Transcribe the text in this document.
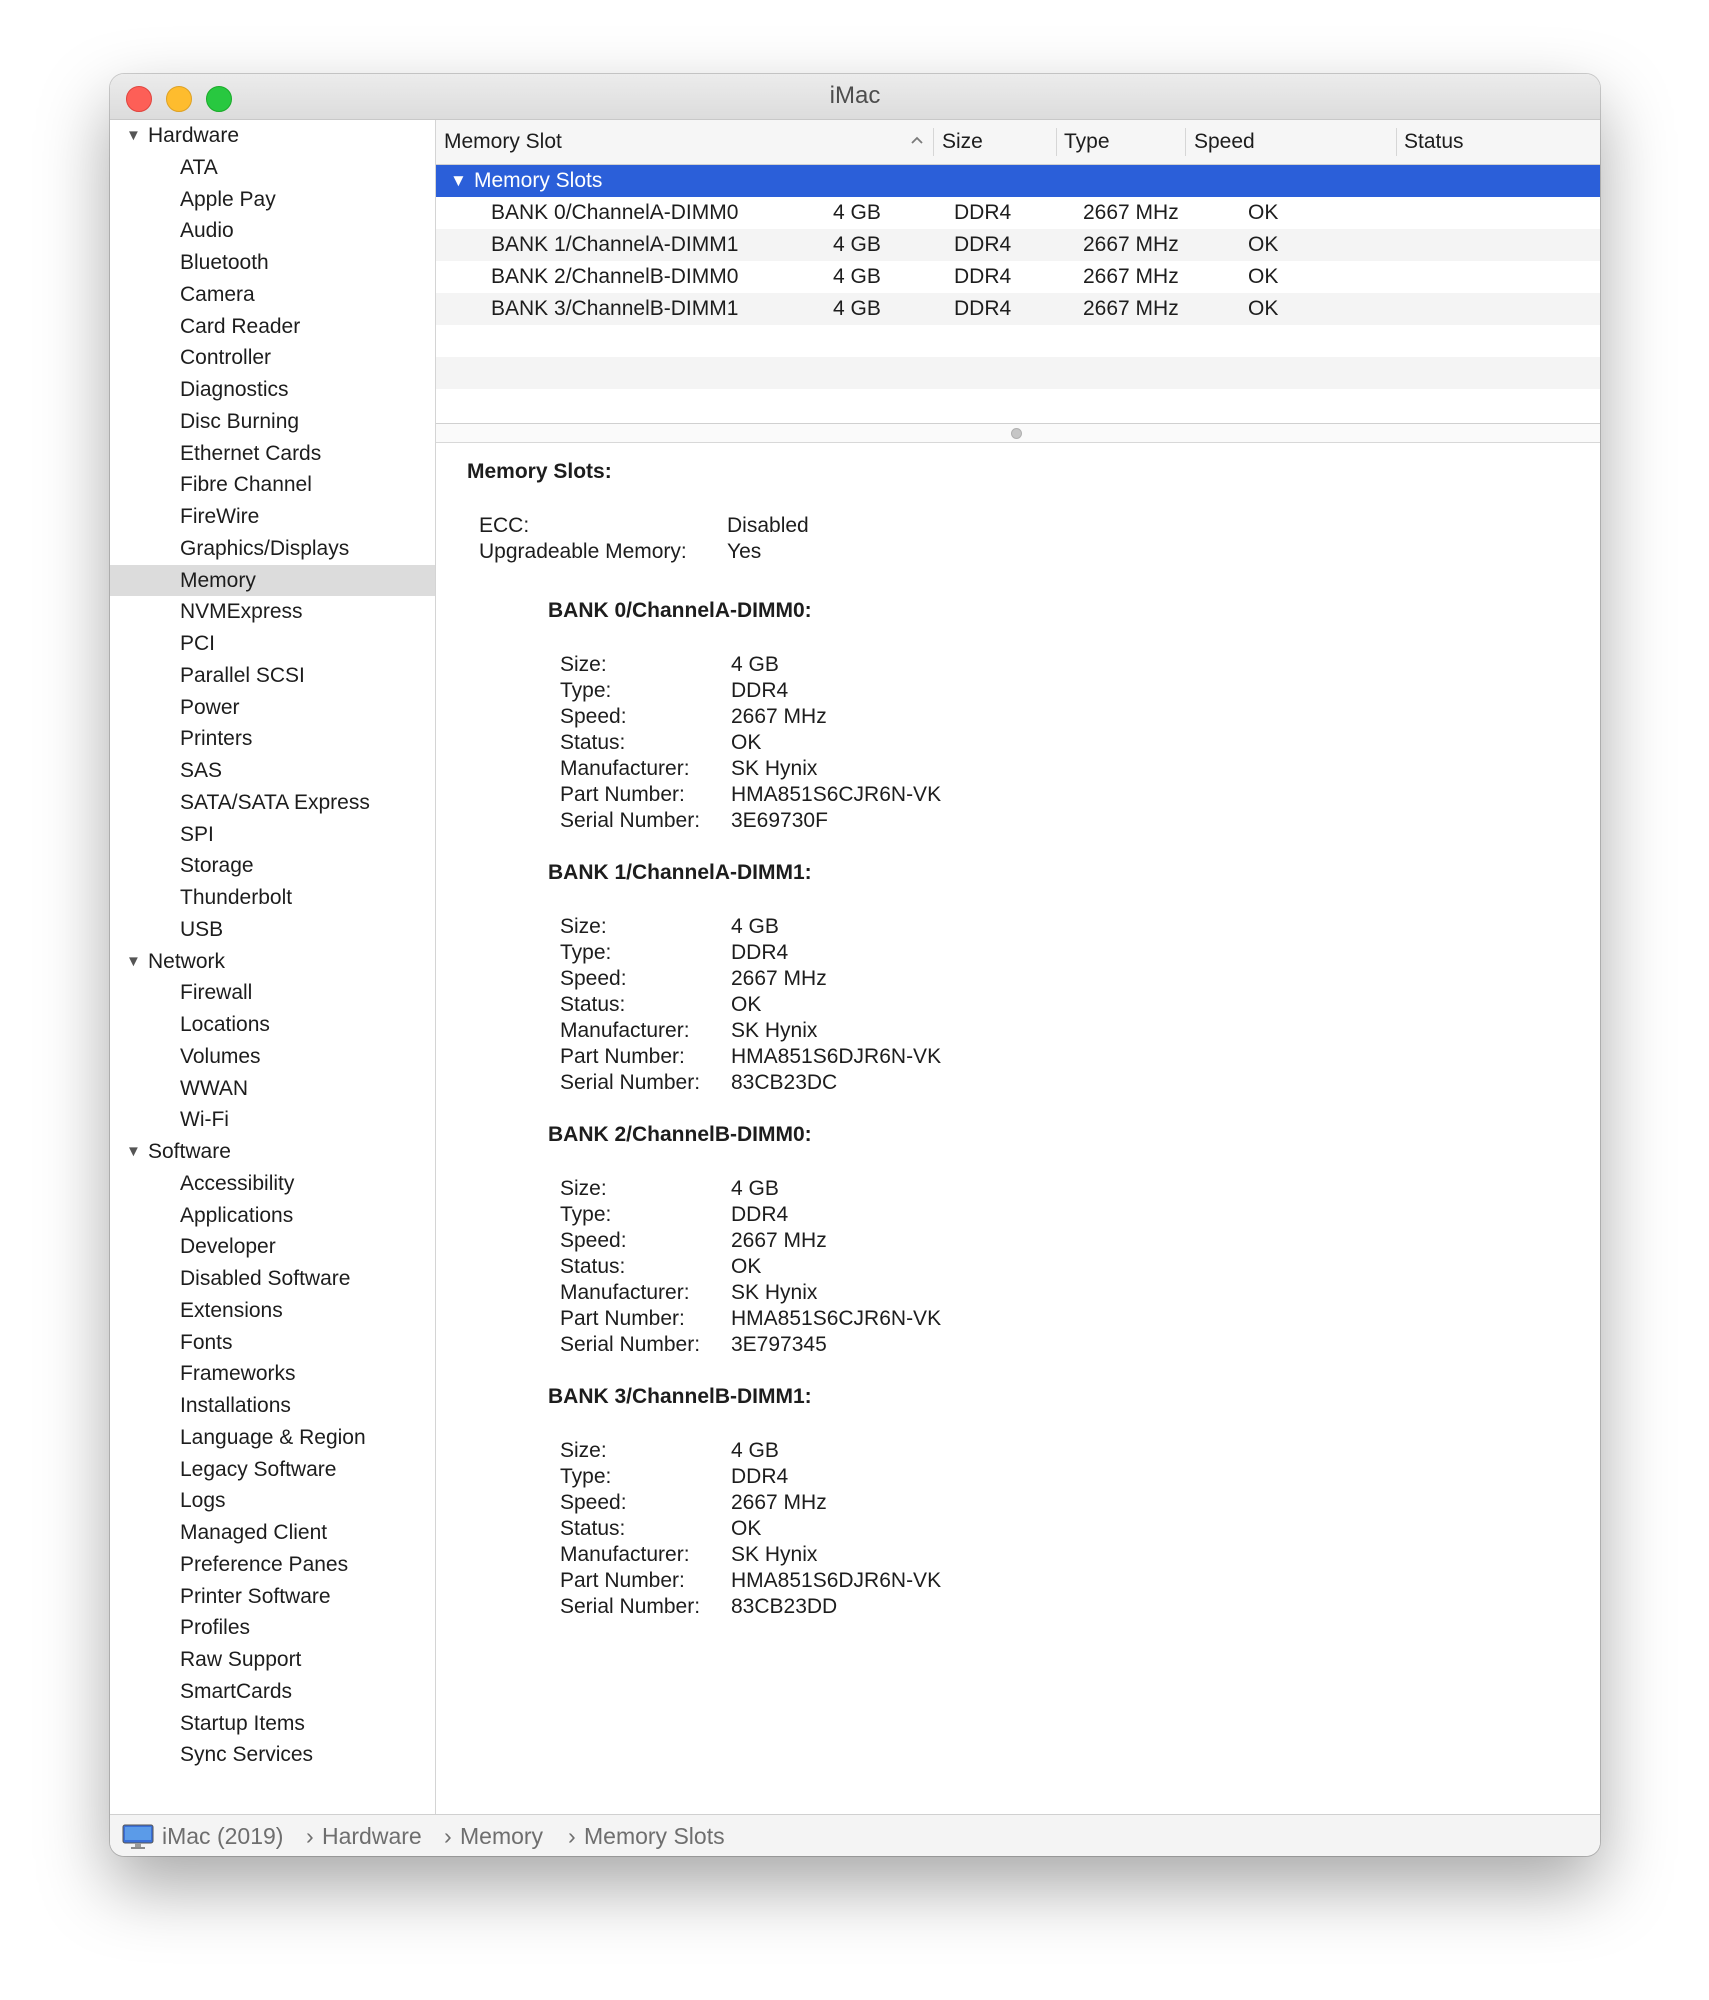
iMac
▼ Hardware
ATA
Apple Pay
Audio
Bluetooth
Camera
Card Reader
Controller
Diagnostics
Disc Burning
Ethernet Cards
Fibre Channel
FireWire
Graphics/Displays
Memory
NVMExpress
PCI
Parallel SCSI
Power
Printers
SAS
SATA/SATA Express
SPI
Storage
Thunderbolt
USB
▼ Network
Firewall
Locations
Volumes
WWAN
Wi-Fi
▼ Software
Accessibility
Applications
Developer
Disabled Software
Extensions
Fonts
Frameworks
Installations
Language & Region
Legacy Software
Logs
Managed Client
Preference Panes
Printer Software
Profiles
Raw Support
SmartCards
Startup Items
Sync Services
Memory Slot	Size	Type	Speed	Status
▼ Memory Slots
BANK 0/ChannelA-DIMM0	4 GB	DDR4	2667 MHz	OK
BANK 1/ChannelA-DIMM1	4 GB	DDR4	2667 MHz	OK
BANK 2/ChannelB-DIMM0	4 GB	DDR4	2667 MHz	OK
BANK 3/ChannelB-DIMM1	4 GB	DDR4	2667 MHz	OK
Memory Slots:
ECC:	Disabled
Upgradeable Memory: Yes
BANK 0/ChannelA-DIMM0:
Size:	4 GB
Type:	DDR4
Speed:	2667 MHz
Status:	OK
Manufacturer: SK Hynix
Part Number: HMA851S6CJR6N-VK
Serial Number: 3E69730F
BANK 1/ChannelA-DIMM1:
Size:	4 GB
Type:	DDR4
Speed:	2667 MHz
Status:	OK
Manufacturer: SK Hynix
Part Number: HMA851S6DJR6N-VK
Serial Number: 83CB23DC
BANK 2/ChannelB-DIMM0:
Size:	4 GB
Type:	DDR4
Speed:	2667 MHz
Status:	OK
Manufacturer: SK Hynix
Part Number: HMA851S6CJR6N-VK
Serial Number: 3E797345
BANK 3/ChannelB-DIMM1:
Size:	4 GB
Type:	DDR4
Speed:	2667 MHz
Status:	OK
Manufacturer: SK Hynix
Part Number: HMA851S6DJR6N-VK
Serial Number: 83CB23DD
iMac (2019) › Hardware › Memory › Memory Slots
